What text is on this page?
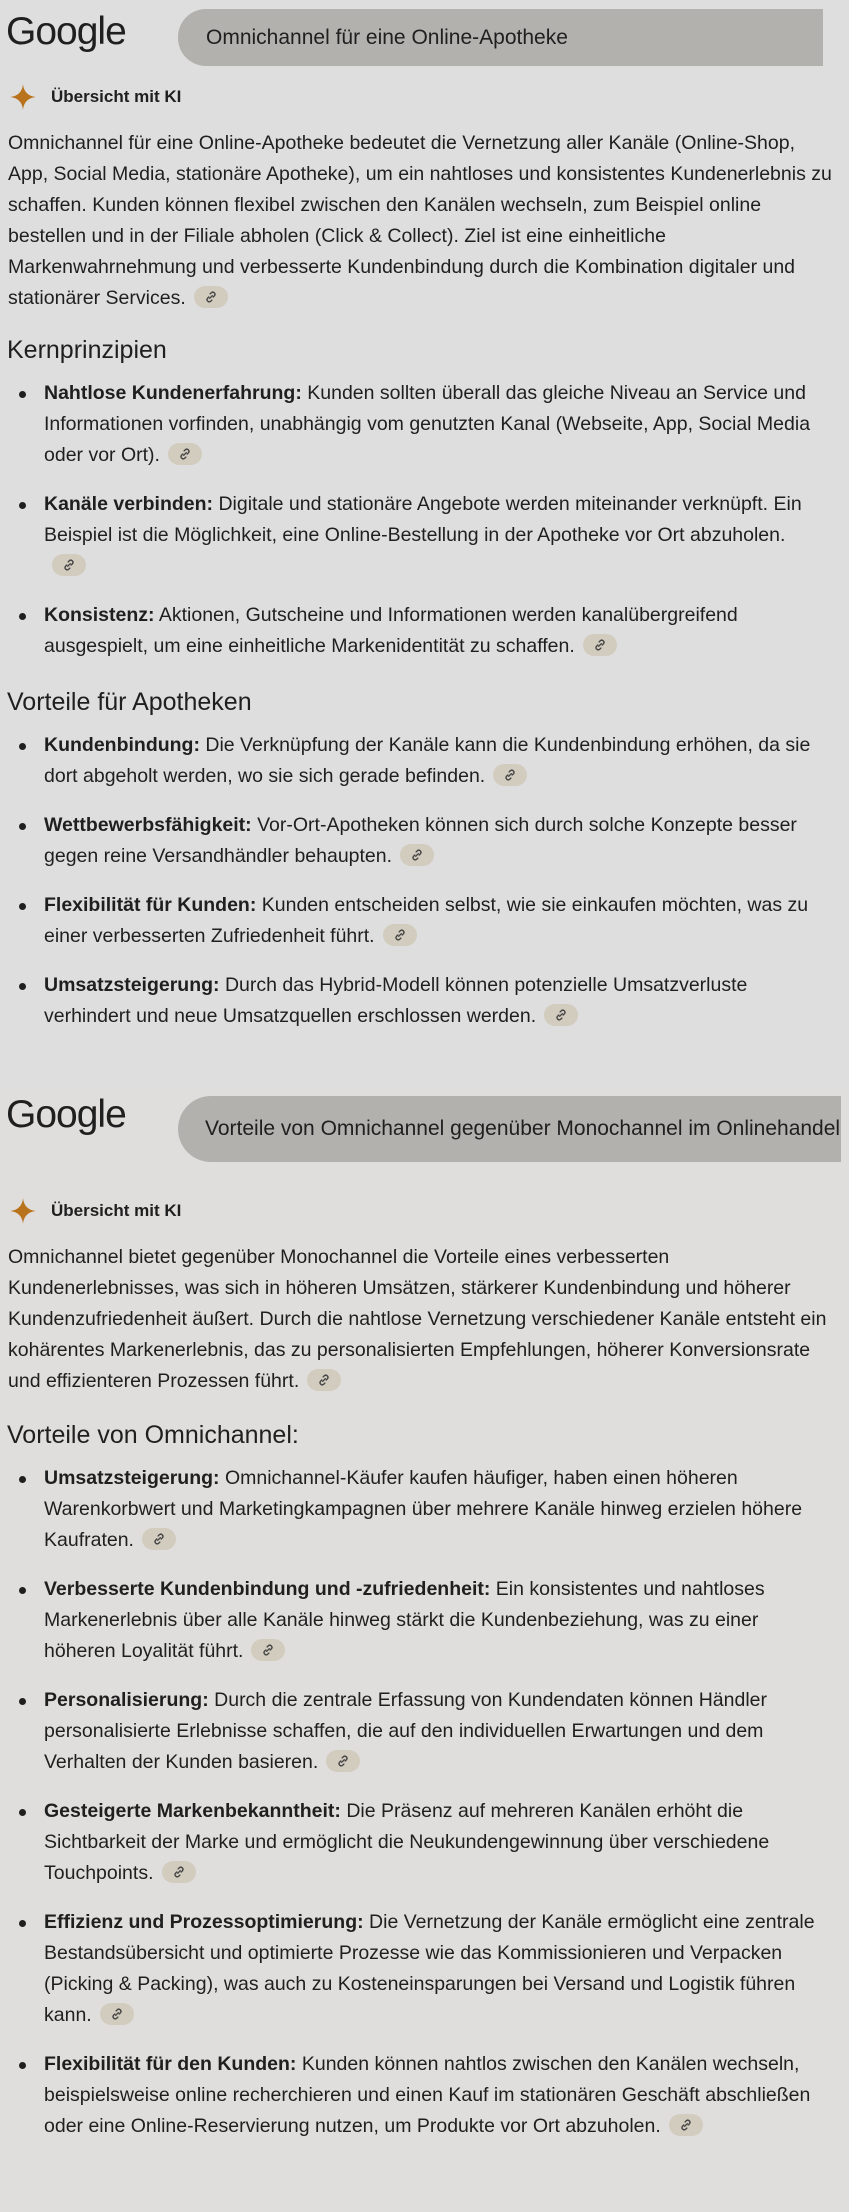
Google	Omnichannel für eine Online-Apotheke
Übersicht mit KI

Omnichannel für eine Online-Apotheke bedeutet die Vernetzung aller Kanäle (Online-Shop, App, Social Media, stationäre Apotheke), um ein nahtloses und konsistentes Kundenerlebnis zu schaffen. Kunden können flexibel zwischen den Kanälen wechseln, zum Beispiel online bestellen und in der Filiale abholen (Click & Collect). Ziel ist eine einheitliche Markenwahrnehmung und verbesserte Kundenbindung durch die Kombination digitaler und stationärer Services.

Kernprinzipien
Nahtlose Kundenerfahrung: Kunden sollten überall das gleiche Niveau an Service und Informationen vorfinden, unabhängig vom genutzten Kanal (Webseite, App, Social Media oder vor Ort).
Kanäle verbinden: Digitale und stationäre Angebote werden miteinander verknüpft. Ein Beispiel ist die Möglichkeit, eine Online-Bestellung in der Apotheke vor Ort abzuholen.
Konsistenz: Aktionen, Gutscheine und Informationen werden kanalübergreifend ausgespielt, um eine einheitliche Markenidentität zu schaffen.
Vorteile für Apotheken
Kundenbindung: Die Verknüpfung der Kanäle kann die Kundenbindung erhöhen, da sie dort abgeholt werden, wo sie sich gerade befinden.
Wettbewerbsfähigkeit: Vor-Ort-Apotheken können sich durch solche Konzepte besser gegen reine Versandhändler behaupten.
Flexibilität für Kunden: Kunden entscheiden selbst, wie sie einkaufen möchten, was zu einer verbesserten Zufriedenheit führt.
Umsatzsteigerung: Durch das Hybrid-Modell können potenzielle Umsatzverluste verhindert und neue Umsatzquellen erschlossen werden.
Google	Vorteile von Omnichannel gegenüber Monochannel im Onlinehandel
Übersicht mit KI

Omnichannel bietet gegenüber Monochannel die Vorteile eines verbesserten Kundenerlebnisses, was sich in höheren Umsätzen, stärkerer Kundenbindung und höherer Kundenzufriedenheit äußert. Durch die nahtlose Vernetzung verschiedener Kanäle entsteht ein kohärentes Markenerlebnis, das zu personalisierten Empfehlungen, höherer Konversionsrate und effizienteren Prozessen führt.

Vorteile von Omnichannel:
Umsatzsteigerung: Omnichannel-Käufer kaufen häufiger, haben einen höheren Warenkorbwert und Marketingkampagnen über mehrere Kanäle hinweg erzielen höhere Kaufraten.
Verbesserte Kundenbindung und -zufriedenheit: Ein konsistentes und nahtloses Markenerlebnis über alle Kanäle hinweg stärkt die Kundenbeziehung, was zu einer höheren Loyalität führt.
Personalisierung: Durch die zentrale Erfassung von Kundendaten können Händler personalisierte Erlebnisse schaffen, die auf den individuellen Erwartungen und dem Verhalten der Kunden basieren.
Gesteigerte Markenbekanntheit: Die Präsenz auf mehreren Kanälen erhöht die Sichtbarkeit der Marke und ermöglicht die Neukundengewinnung über verschiedene Touchpoints.
Effizienz und Prozessoptimierung: Die Vernetzung der Kanäle ermöglicht eine zentrale Bestandsübersicht und optimierte Prozesse wie das Kommissionieren und Verpacken (Picking & Packing), was auch zu Kosteneinsparungen bei Versand und Logistik führen kann.
Flexibilität für den Kunden: Kunden können nahtlos zwischen den Kanälen wechseln, beispielsweise online recherchieren und einen Kauf im stationären Geschäft abschließen oder eine Online-Reservierung nutzen, um Produkte vor Ort abzuholen.
